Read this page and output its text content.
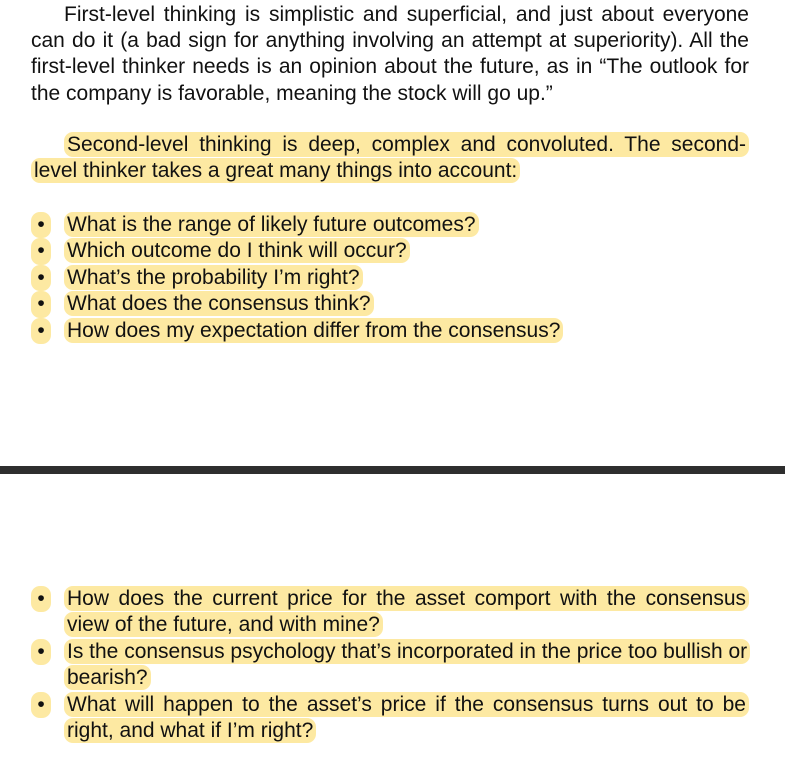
First-level thinking is simplistic and superficial, and just about everyone can do it (a bad sign for anything involving an attempt at superiority). All the first-level thinker needs is an opinion about the future, as in “The outlook for the company is favorable, meaning the stock will go up.”

Second-level thinking is deep, complex and convoluted. The second-level thinker takes a great many things into account:

•	What is the range of likely future outcomes?
•	Which outcome do I think will occur?
•	What’s the probability I’m right?
•	What does the consensus think?
•	How does my expectation differ from the consensus?
•	How does the current price for the asset comport with the consensus view of the future, and with mine?
•	Is the consensus psychology that’s incorporated in the price too bullish or bearish?
•	What will happen to the asset’s price if the consensus turns out to be right, and what if I’m right?
